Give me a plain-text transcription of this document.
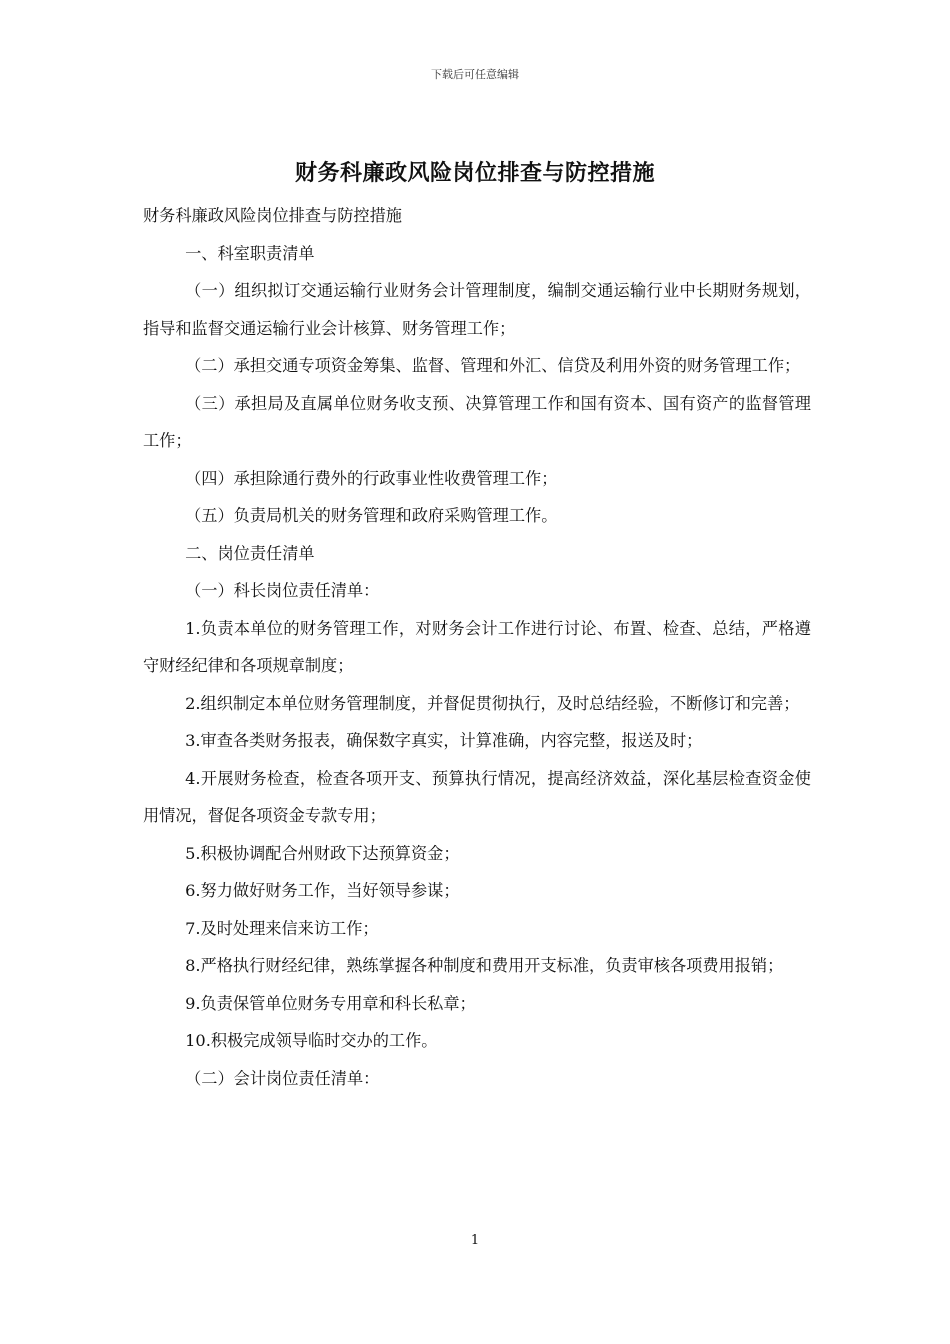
下载后可任意编辑
财务科廉政风险岗位排查与防控措施

财务科廉政风险岗位排查与防控措施

一、科室职责清单

（一）组织拟订交通运输行业财务会计管理制度，编制交通运输行业中长期财务规划，指导和监督交通运输行业会计核算、财务管理工作；

（二）承担交通专项资金筹集、监督、管理和外汇、信贷及利用外资的财务管理工作；

（三）承担局及直属单位财务收支预、决算管理工作和国有资本、国有资产的监督管理工作；

（四）承担除通行费外的行政事业性收费管理工作；

（五）负责局机关的财务管理和政府采购管理工作。

二、岗位责任清单

（一）科长岗位责任清单：

1.负责本单位的财务管理工作，对财务会计工作进行讨论、布置、检查、总结，严格遵守财经纪律和各项规章制度；

2.组织制定本单位财务管理制度，并督促贯彻执行，及时总结经验，不断修订和完善；

3.审查各类财务报表，确保数字真实，计算准确，内容完整，报送及时；

4.开展财务检查，检查各项开支、预算执行情况，提高经济效益，深化基层检查资金使用情况，督促各项资金专款专用；

5.积极协调配合州财政下达预算资金；

6.努力做好财务工作，当好领导参谋；

7.及时处理来信来访工作；

8.严格执行财经纪律，熟练掌握各种制度和费用开支标准，负责审核各项费用报销；

9.负责保管单位财务专用章和科长私章；

10.积极完成领导临时交办的工作。

（二）会计岗位责任清单：

1
